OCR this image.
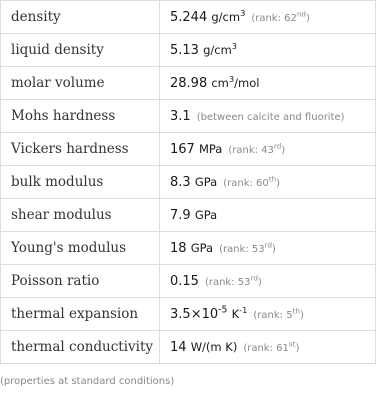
density	5.244 $g/cm^3$ (rank: 62nd)
liquid density	5.13 $g/cm^3$
molar volume	28.98 $cm^3$/mol
Mohs hardness	3.1 (between calcite and fluorite)
Vickers hardness	167 MPa (rank: 43rd)
bulk modulus	8.3 GPa (rank: 60th)
shear modulus	7.9 GPa
Young's modulus	18 GPa (rank: 53rd)
Poisson ratio	0.15 (rank: 53rd)
thermal expansion	$3.5\times 10^{-5}$ $K^{-1}$ (rank: 5th)
thermal conductivity	14 W/(m K) (rank: 61st)
(properties at standard conditions)
